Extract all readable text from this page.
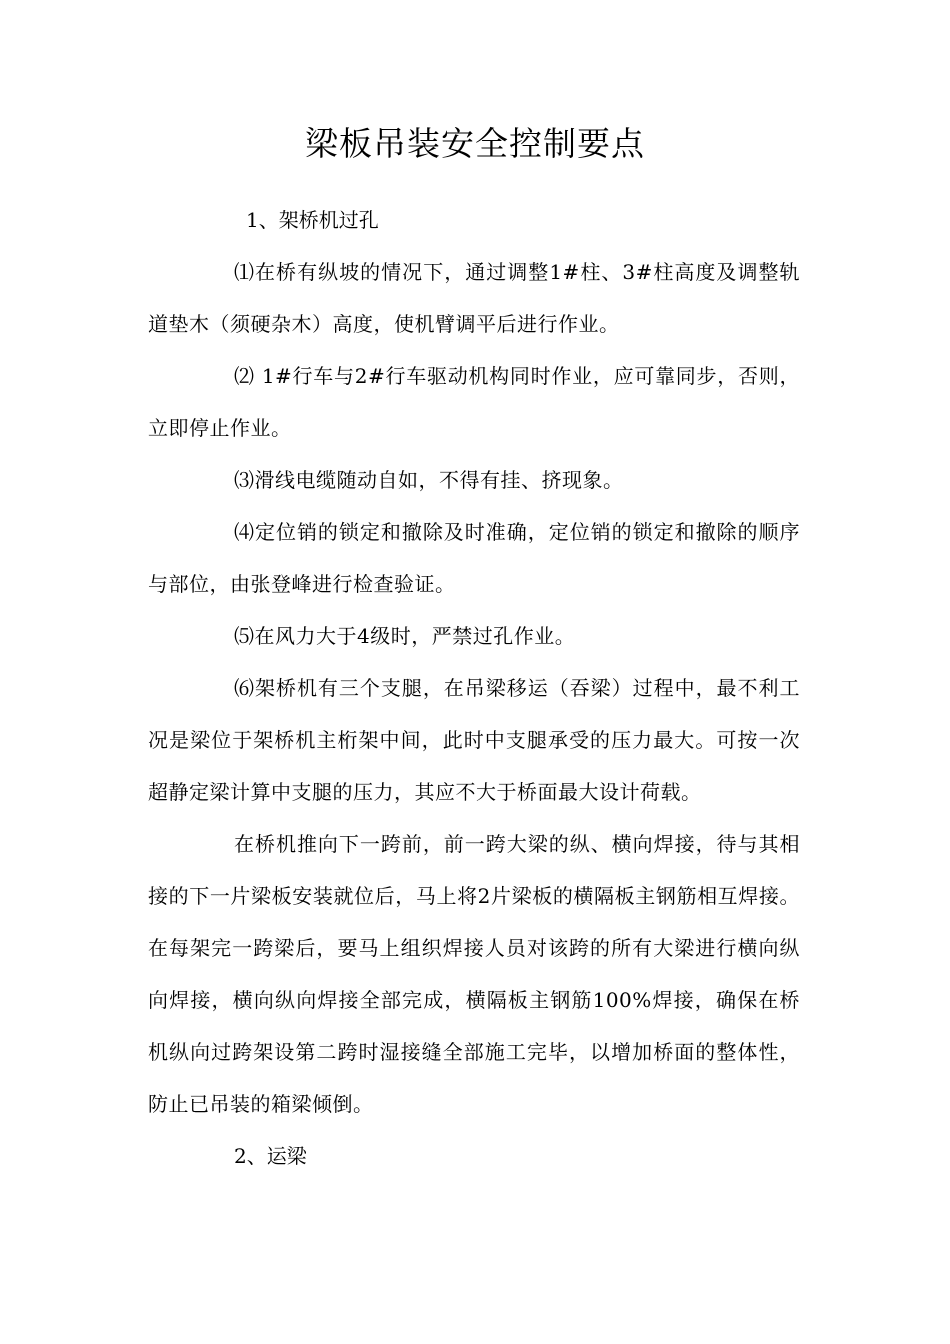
梁板吊装安全控制要点

1、架桥机过孔

⑴在桥有纵坡的情况下，通过调整1#柱、3#柱高度及调整轨道垫木（须硬杂木）高度，使机臂调平后进行作业。

⑵ 1#行车与2#行车驱动机构同时作业，应可靠同步，否则，立即停止作业。

⑶滑线电缆随动自如，不得有挂、挤现象。

⑷定位销的锁定和撤除及时准确，定位销的锁定和撤除的顺序与部位，由张登峰进行检查验证。

⑸在风力大于4级时，严禁过孔作业。

⑹架桥机有三个支腿，在吊梁移运（吞梁）过程中，最不利工况是梁位于架桥机主桁架中间，此时中支腿承受的压力最大。可按一次超静定梁计算中支腿的压力，其应不大于桥面最大设计荷载。

在桥机推向下一跨前，前一跨大梁的纵、横向焊接，待与其相接的下一片梁板安装就位后，马上将2片梁板的横隔板主钢筋相互焊接。在每架完一跨梁后，要马上组织焊接人员对该跨的所有大梁进行横向纵向焊接，横向纵向焊接全部完成，横隔板主钢筋100%焊接，确保在桥机纵向过跨架设第二跨时湿接缝全部施工完毕，以增加桥面的整体性，防止已吊装的箱梁倾倒。

2、运梁
